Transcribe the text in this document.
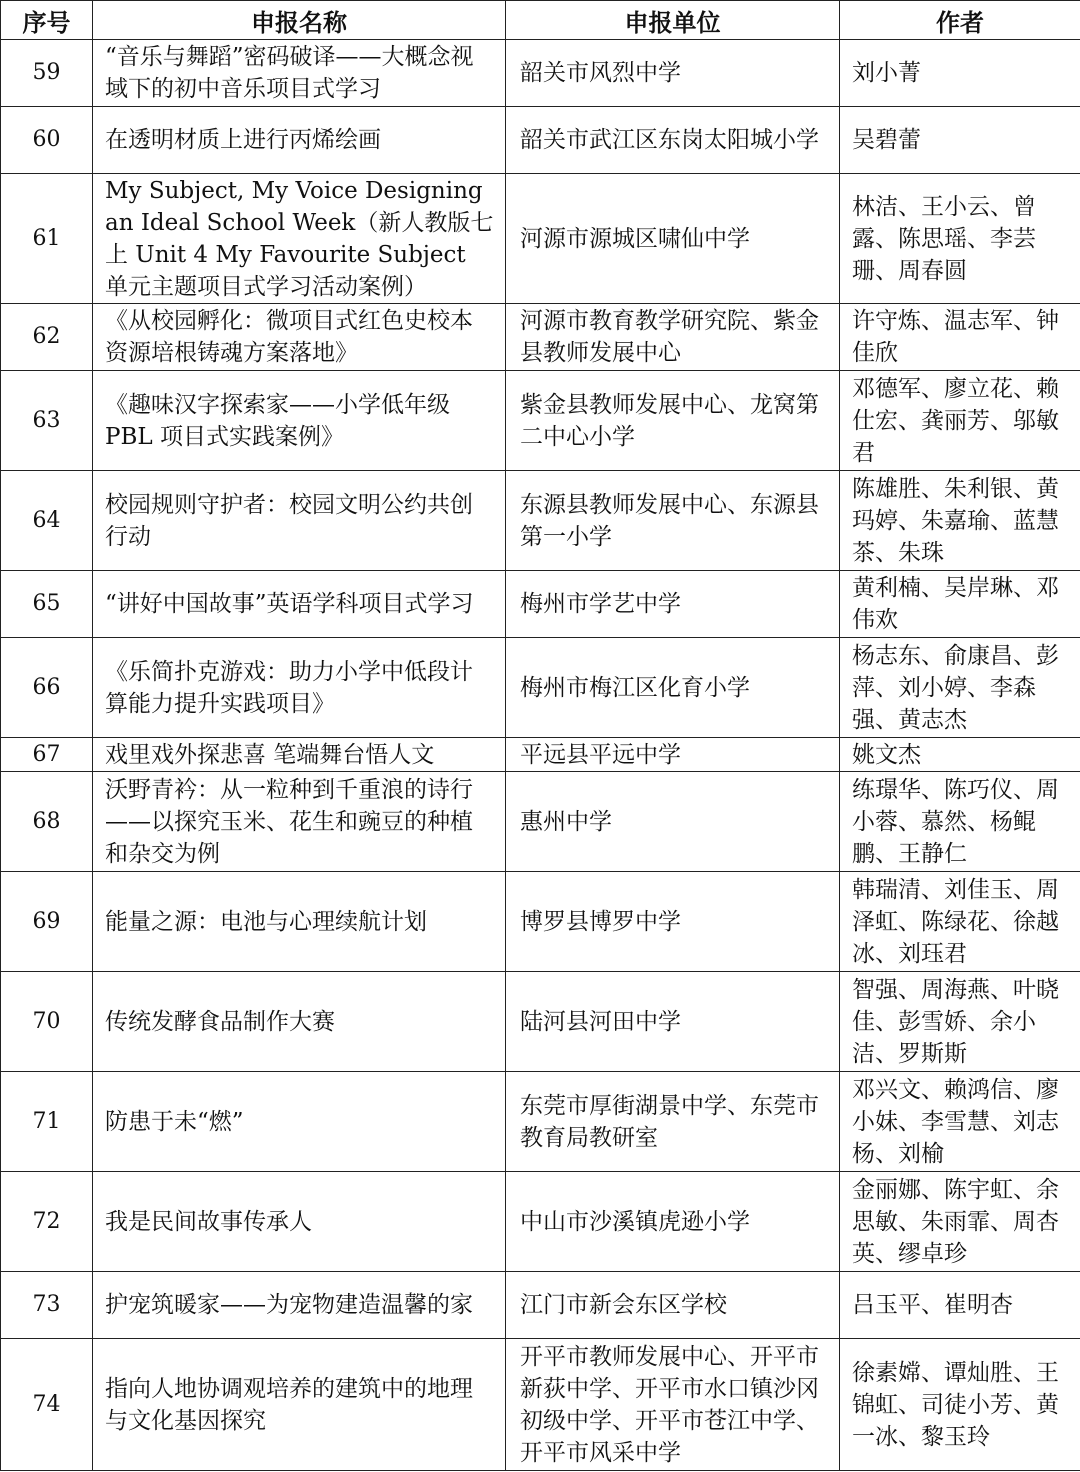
序号	申报名称	申报单位	作者
59	“音乐与舞蹈”密码破译——大概念视域下的初中音乐项目式学习	韶关市风烈中学	刘小菁
60	在透明材质上进行丙烯绘画	韶关市武江区东岗太阳城小学	吴碧蕾
61	My Subject, My Voice Designing an Ideal School Week（新人教版七上 Unit 4 My Favourite Subject 单元主题项目式学习活动案例）	河源市源城区啸仙中学	林洁、王小云、曾露、陈思瑶、李芸珊、周春圆
62	《从校园孵化：微项目式红色史校本资源培根铸魂方案落地》	河源市教育教学研究院、紫金县教师发展中心	许守炼、温志军、钟佳欣
63	《趣味汉字探索家——小学低年级 PBL 项目式实践案例》	紫金县教师发展中心、龙窝第二中心小学	邓德军、廖立花、赖仕宏、龚丽芳、邬敏君
64	校园规则守护者：校园文明公约共创行动	东源县教师发展中心、东源县第一小学	陈雄胜、朱利银、黄玛婷、朱嘉瑜、蓝慧茶、朱珠
65	“讲好中国故事”英语学科项目式学习	梅州市学艺中学	黄利楠、吴岸琳、邓伟欢
66	《乐简扑克游戏：助力小学中低段计算能力提升实践项目》	梅州市梅江区化育小学	杨志东、俞康昌、彭萍、刘小婷、李森强、黄志杰
67	戏里戏外探悲喜 笔端舞台悟人文	平远县平远中学	姚文杰
68	沃野青衿：从一粒种到千重浪的诗行——以探究玉米、花生和豌豆的种植和杂交为例	惠州中学	练璟华、陈巧仪、周小蓉、慕然、杨鲲鹏、王静仁
69	能量之源：电池与心理续航计划	博罗县博罗中学	韩瑞清、刘佳玉、周泽虹、陈绿花、徐越冰、刘珏君
70	传统发酵食品制作大赛	陆河县河田中学	智强、周海燕、叶晓佳、彭雪娇、余小洁、罗斯斯
71	防患于未“燃”	东莞市厚街湖景中学、东莞市教育局教研室	邓兴文、赖鸿信、廖小妹、李雪慧、刘志杨、刘榆
72	我是民间故事传承人	中山市沙溪镇虎逊小学	金丽娜、陈宇虹、余思敏、朱雨霏、周杏英、缪卓珍
73	护宠筑暖家——为宠物建造温馨的家	江门市新会东区学校	吕玉平、崔明杏
74	指向人地协调观培养的建筑中的地理与文化基因探究	开平市教师发展中心、开平市新荻中学、开平市水口镇沙冈初级中学、开平市苍江中学、开平市风采中学	徐素嫦、谭灿胜、王锦虹、司徒小芳、黄一冰、黎玉玲
